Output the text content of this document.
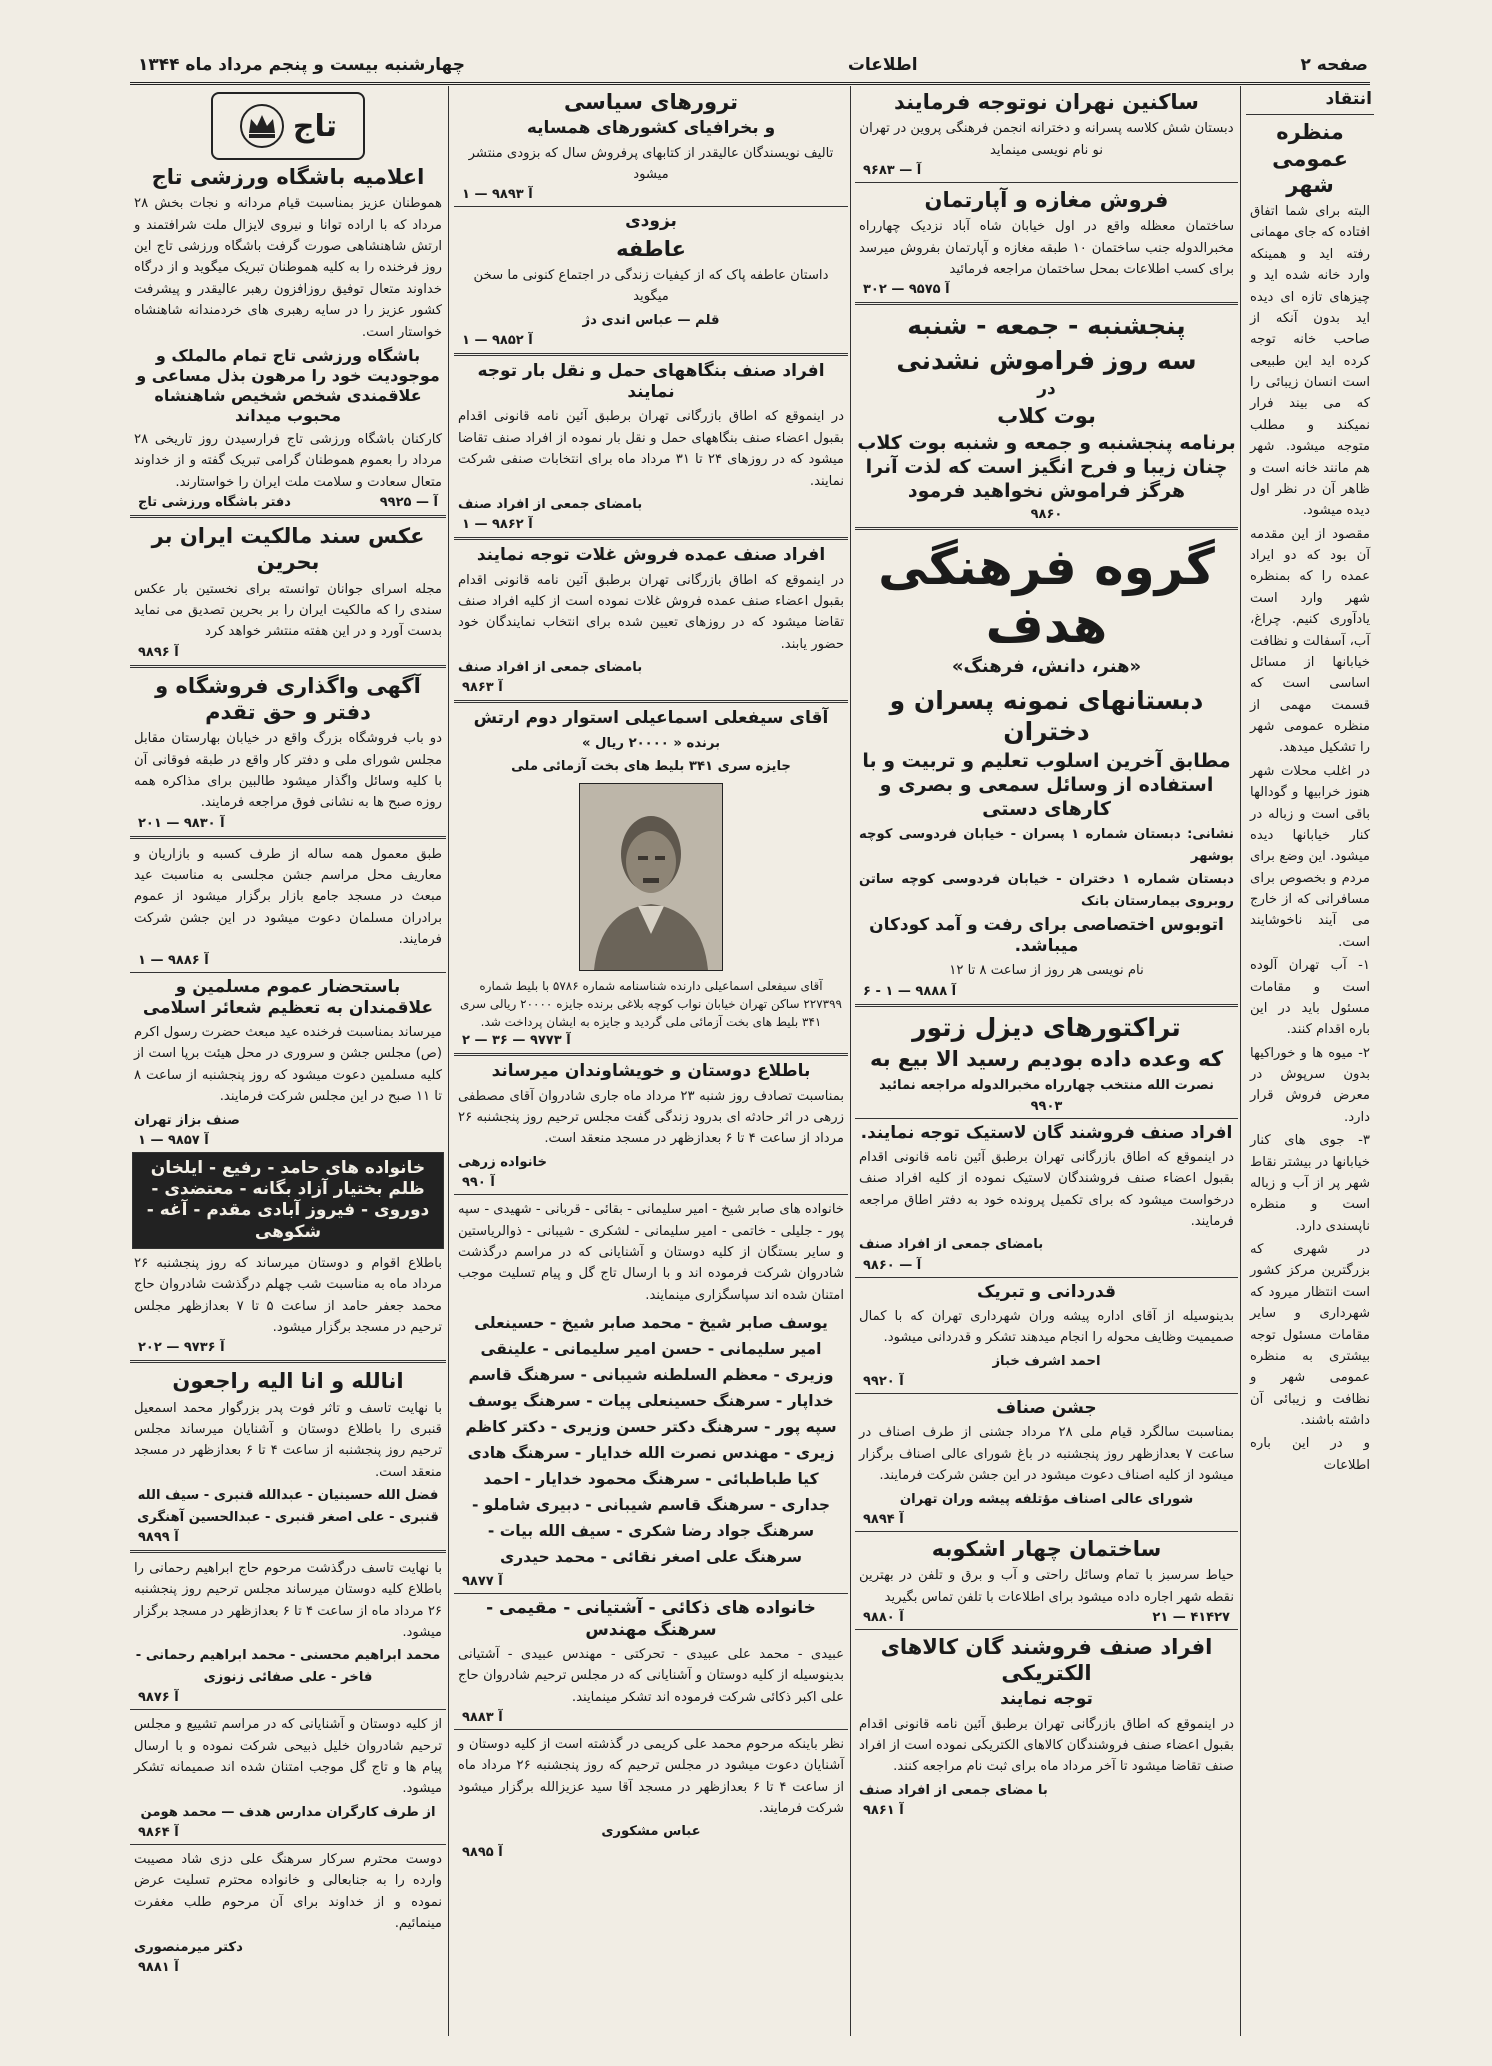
صفحه ۲
اطلاعات
چهارشنبه بیست و پنجم مرداد ماه ۱۳۴۴
انتقاد
منظره عمومی شهر
البته برای شما اتفاق افتاده که جای مهمانی رفته اید و همینکه وارد خانه شده اید و چیزهای تازه ای دیده اید بدون آنکه از صاحب خانه توجه کرده اید این طبیعی است انسان زیبائی را که می بیند فرار نمیکند و مطلب متوجه میشود. شهر هم مانند خانه است و ظاهر آن در نظر اول دیده میشود.
مقصود از این مقدمه آن بود که دو ایراد عمده را که بمنظره شهر وارد است یادآوری کنیم. چراغ، آب، آسفالت و نظافت خیابانها از مسائل اساسی است که قسمت مهمی از منظره عمومی شهر را تشکیل میدهد.
در اغلب محلات شهر هنوز خرابیها و گودالها باقی است و زباله در کنار خیابانها دیده میشود. این وضع برای مردم و بخصوص برای مسافرانی که از خارج می آیند ناخوشایند است.
۱- آب تهران آلوده است و مقامات مسئول باید در این باره اقدام کنند.
۲- میوه ها و خوراکیها بدون سرپوش در معرض فروش قرار دارد.
۳- جوی های کنار خیابانها در بیشتر نقاط شهر پر از آب و زباله است و منظره ناپسندی دارد.
در شهری که بزرگترین مرکز کشور است انتظار میرود که شهرداری و سایر مقامات مسئول توجه بیشتری به منظره عمومی شهر و نظافت و زیبائی آن داشته باشند.
و در این باره اطلاعات
ساکنین نهران نوتوجه فرمایند
دبستان شش کلاسه پسرانه و دخترانه انجمن فرهنگی پروین در تهران نو نام نویسی مینماید
آ — ۹۶۸۳
فروش مغازه و آپارتمان
ساختمان معظله واقع در اول خیابان شاه آباد نزدیک چهارراه مخبرالدوله جنب ساختمان ۱۰ طبقه مغازه و آپارتمان بفروش میرسد برای کسب اطلاعات بمحل ساختمان مراجعه فرمائید
آ ۹۵۷۵ — ۳۰۲
پنجشنبه - جمعه - شنبه
سه روز فراموش نشدنی
در
بوت کلاب
برنامه پنجشنبه و جمعه و شنبه بوت کلاب چنان زیبا و فرح انگیز است که لذت آنرا هرگز فراموش نخواهید فرمود
۹۸۶۰
گروه فرهنگی هدف
«هنر، دانش، فرهنگ»
دبستانهای نمونه پسران و دختران
مطابق آخرین اسلوب تعلیم و تربیت و با استفاده از وسائل سمعی و بصری و کارهای دستی
نشانی: دبستان شماره ۱ پسران - خیابان فردوسی کوچه بوشهر
دبستان شماره ۱ دختران - خیابان فردوسی کوچه ساتن روبروی بیمارستان بانک
اتوبوس اختصاصی برای رفت و آمد کودکان میباشد.
نام نویسی هر روز از ساعت ۸ تا ۱۲
آ ۹۸۸۸ — ۱ - ۶
تراکتورهای دیزل زتور
که وعده داده بودیم رسید الا بیع به
نصرت الله منتخب چهارراه مخبرالدوله مراجعه نمائید
۹۹۰۳
افراد صنف فروشند گان لاستیک توجه نمایند.
در اینموقع که اطاق بازرگانی تهران برطبق آئین نامه قانونی اقدام بقبول اعضاء صنف فروشندگان لاستیک نموده از کلیه افراد صنف درخواست میشود که برای تکمیل پرونده خود به دفتر اطاق مراجعه فرمایند.
بامضای جمعی از افراد صنف
آ — ۹۸۶۰
قدردانی و تبریک
بدینوسیله از آقای اداره پیشه وران شهرداری تهران که با کمال صمیمیت وظایف محوله را انجام میدهند تشکر و قدردانی میشود.
احمد اشرف خباز
آ ۹۹۲۰
جشن صناف
بمناسبت سالگرد قیام ملی ۲۸ مرداد جشنی از طرف اصناف در ساعت ۷ بعدازظهر روز پنجشنبه در باغ شورای عالی اصناف برگزار میشود از کلیه اصناف دعوت میشود در این جشن شرکت فرمایند.
شورای عالی اصناف مؤتلفه پیشه وران تهران
آ ۹۸۹۴
ساختمان چهار اشکوبه
حیاط سرسبز با تمام وسائل راحتی و آب و برق و تلفن در بهترین نقطه شهر اجاره داده میشود برای اطلاعات با تلفن تماس بگیرید
۴۱۴۲۷ — ۲۱
آ ۹۸۸۰
افراد صنف فروشند گان کالاهای الکتریکی
توجه نمایند
در اینموقع که اطاق بازرگانی تهران برطبق آئین نامه قانونی اقدام بقبول اعضاء صنف فروشندگان کالاهای الکتریکی نموده است از افراد صنف تقاضا میشود تا آخر مرداد ماه برای ثبت نام مراجعه کنند.
با مضای جمعی از افراد صنف
آ ۹۸۶۱
ترورهای سیاسی
و بخرافیای کشورهای همسایه
تالیف نویسندگان عالیقدر از کتابهای پرفروش سال که بزودی منتشر میشود
آ ۹۸۹۳ — ۱
بزودی
عاطفه
داستان عاطفه پاک که از کیفیات زندگی در اجتماع کنونی ما سخن میگوید
قلم — عباس اندی دژ
آ ۹۸۵۲ — ۱
افراد صنف بنگاههای حمل و نقل بار توجه نمایند
در اینموقع که اطاق بازرگانی تهران برطبق آئین نامه قانونی اقدام بقبول اعضاء صنف بنگاههای حمل و نقل بار نموده از افراد صنف تقاضا میشود که در روزهای ۲۴ تا ۳۱ مرداد ماه برای انتخابات صنفی شرکت نمایند.
بامضای جمعی از افراد صنف
آ ۹۸۶۲ — ۱
افراد صنف عمده فروش غلات توجه نمایند
در اینموقع که اطاق بازرگانی تهران برطبق آئین نامه قانونی اقدام بقبول اعضاء صنف عمده فروش غلات نموده است از کلیه افراد صنف تقاضا میشود که در روزهای تعیین شده برای انتخاب نمایندگان خود حضور یابند.
بامضای جمعی از افراد صنف
آ ۹۸۶۳
آقای سیفعلی اسماعیلی استوار دوم ارتش
برنده « ۲۰۰۰۰ ریال »
جایزه سری ۳۴۱ بلیط های بخت آزمائی ملی
آقای سیفعلی اسماعیلی دارنده شناسنامه شماره ۵۷۸۶ با بلیط شماره ۲۲۷۳۹۹ ساکن تهران خیابان نواب کوچه بلاغی برنده جایزه ۲۰۰۰۰ ریالی سری ۳۴۱ بلیط های بخت آزمائی ملی گردید و جایزه به ایشان پرداخت شد.
آ ۹۷۷۳ — ۳۶ — ۲
باطلاع دوستان و خویشاوندان میرساند
بمناسبت تصادف روز شنبه ۲۳ مرداد ماه جاری شادروان آقای مصطفی زرهی در اثر حادثه ای بدرود زندگی گفت مجلس ترحیم روز پنجشنبه ۲۶ مرداد از ساعت ۴ تا ۶ بعدازظهر در مسجد منعقد است.
خانواده زرهی
آ ۹۹۰
خانواده های صابر شیخ - امیر سلیمانی - بقائی - قربانی - شهیدی - سپه پور - جلیلی - خاتمی - امیر سلیمانی - لشکری - شیبانی - ذوالریاستین و سایر بستگان از کلیه دوستان و آشنایانی که در مراسم درگذشت شادروان شرکت فرموده اند و با ارسال تاج گل و پیام تسلیت موجب امتنان شده اند سپاسگزاری مینمایند.
یوسف صابر شیخ - محمد صابر شیخ - حسینعلی امیر سلیمانی - حسن امیر سلیمانی - علینقی وزیری - معظم السلطنه شیبانی - سرهنگ قاسم خداپار - سرهنگ حسینعلی پیات - سرهنگ یوسف سپه پور - سرهنگ دکتر حسن وزیری - دکتر کاظم زیری - مهندس نصرت الله خدایار - سرهنگ هادی کیا طباطبائی - سرهنگ محمود خدایار - احمد جداری - سرهنگ قاسم شیبانی - دبیری شاملو - سرهنگ جواد رضا شکری - سیف الله بیات - سرهنگ علی اصغر نقائی - محمد حیدری
آ ۹۸۷۷
خانواده های ذکائی - آشتیانی - مقیمی - سرهنگ مهندس
عبیدی - محمد علی عبیدی - تحرکتی - مهندس عبیدی - آشتیانی بدینوسیله از کلیه دوستان و آشنایانی که در مجلس ترحیم شادروان حاج علی اکبر ذکائی شرکت فرموده اند تشکر مینمایند.
آ ۹۸۸۳
نظر باینکه مرحوم محمد علی کریمی در گذشته است از کلیه دوستان و آشنایان دعوت میشود در مجلس ترحیم که روز پنجشنبه ۲۶ مرداد ماه از ساعت ۴ تا ۶ بعدازظهر در مسجد آقا سید عزیزالله برگزار میشود شرکت فرمایند.
عباس مشکوری
آ ۹۸۹۵
تاج
اعلامیه باشگاه ورزشی تاج
هموطنان عزیز بمناسبت قیام مردانه و نجات بخش ۲۸ مرداد که با اراده توانا و نیروی لایزال ملت شرافتمند و ارتش شاهنشاهی صورت گرفت باشگاه ورزشی تاج این روز فرخنده را به کلیه هموطنان تبریک میگوید و از درگاه خداوند متعال توفیق روزافزون رهبر عالیقدر و پیشرفت کشور عزیز را در سایه رهبری های خردمندانه شاهنشاه خواستار است.
باشگاه ورزشی تاج تمام مالملک و موجودیت خود را مرهون بذل مساعی و علاقمندی شخص شخیص شاهنشاه محبوب میداند
کارکنان باشگاه ورزشی تاج فرارسیدن روز تاریخی ۲۸ مرداد را بعموم هموطنان گرامی تبریک گفته و از خداوند متعال سعادت و سلامت ملت ایران را خواستارند.
آ — ۹۹۲۵
دفتر باشگاه ورزشی تاج
عکس سند مالکیت ایران بر بحرین
مجله اسرای جوانان توانسته برای نخستین بار عکس سندی را که مالکیت ایران را بر بحرین تصدیق می نماید بدست آورد و در این هفته منتشر خواهد کرد
آ ۹۸۹۶
آگهی واگذاری فروشگاه و دفتر و حق تقدم
دو باب فروشگاه بزرگ واقع در خیابان بهارستان مقابل مجلس شورای ملی و دفتر کار واقع در طبقه فوقانی آن با کلیه وسائل واگذار میشود طالبین برای مذاکره همه روزه صبح ها به نشانی فوق مراجعه فرمایند.
آ ۹۸۳۰ — ۲۰۱
طبق معمول همه ساله از طرف کسبه و بازاریان و معاریف محل مراسم جشن مجلسی به مناسبت عید مبعث در مسجد جامع بازار برگزار میشود از عموم برادران مسلمان دعوت میشود در این جشن شرکت فرمایند.
آ ۹۸۸۶ — ۱
باستحضار عموم مسلمین و علاقمندان به تعظیم شعائر اسلامی
میرساند بمناسبت فرخنده عید مبعث حضرت رسول اکرم (ص) مجلس جشن و سروری در محل هیئت برپا است از کلیه مسلمین دعوت میشود که روز پنجشنبه از ساعت ۸ تا ۱۱ صبح در این مجلس شرکت فرمایند.
صنف بزاز تهران
آ ۹۸۵۷ — ۱
خانواده های حامد - رفیع - ایلخان ظلم بختیار آزاد بگانه - معتضدی - دوروی - فیروز آبادی مقدم - آغه - شکوهی
باطلاع اقوام و دوستان میرساند که روز پنجشنبه ۲۶ مرداد ماه به مناسبت شب چهلم درگذشت شادروان حاج محمد جعفر حامد از ساعت ۵ تا ۷ بعدازظهر مجلس ترحیم در مسجد برگزار میشود.
آ ۹۷۳۶ — ۲۰۲
انالله و انا الیه راجعون
با نهایت تاسف و تاثر فوت پدر بزرگوار محمد اسمعیل قنبری را باطلاع دوستان و آشنایان میرساند مجلس ترحیم روز پنجشنبه از ساعت ۴ تا ۶ بعدازظهر در مسجد منعقد است.
فضل الله حسینیان - عبدالله قنبری - سیف الله قنبری - علی اصغر قنبری - عبدالحسین آهنگری
آ ۹۸۹۹
با نهایت تاسف درگذشت مرحوم حاج ابراهیم رحمانی را باطلاع کلیه دوستان میرساند مجلس ترحیم روز پنجشنبه ۲۶ مرداد ماه از ساعت ۴ تا ۶ بعدازظهر در مسجد برگزار میشود.
محمد ابراهیم محسنی - محمد ابراهیم رحمانی - فاخر - علی صفائی زنوزی
آ ۹۸۷۶
از کلیه دوستان و آشنایانی که در مراسم تشییع و مجلس ترحیم شادروان خلیل ذبیحی شرکت نموده و با ارسال پیام ها و تاج گل موجب امتنان شده اند صمیمانه تشکر میشود.
از طرف کارگران مدارس هدف — محمد هومن
آ ۹۸۶۴
دوست محترم سرکار سرهنگ علی دزی شاد مصیبت وارده را به جنابعالی و خانواده محترم تسلیت عرض نموده و از خداوند برای آن مرحوم طلب مغفرت مینمائیم.
دکتر میرمنصوری
آ ۹۸۸۱
